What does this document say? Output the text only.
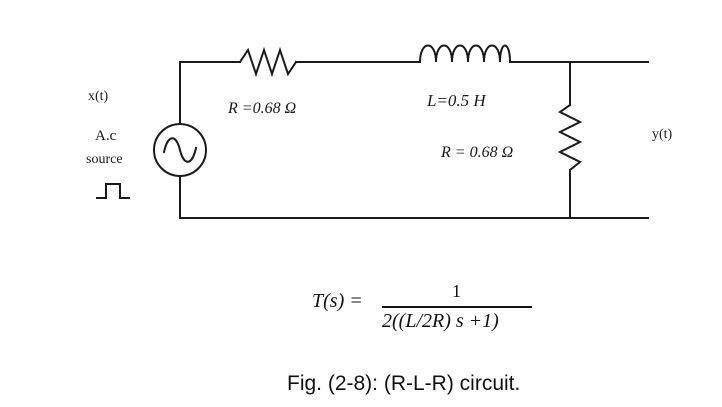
x(t)
A.c
source
y(t)
R =0.68 Ω	L=0.5 H
R = 0.68 Ω
T(s) =	1
2((L/2R) s +1)
Fig. (2-8): (R-L-R) circuit.
